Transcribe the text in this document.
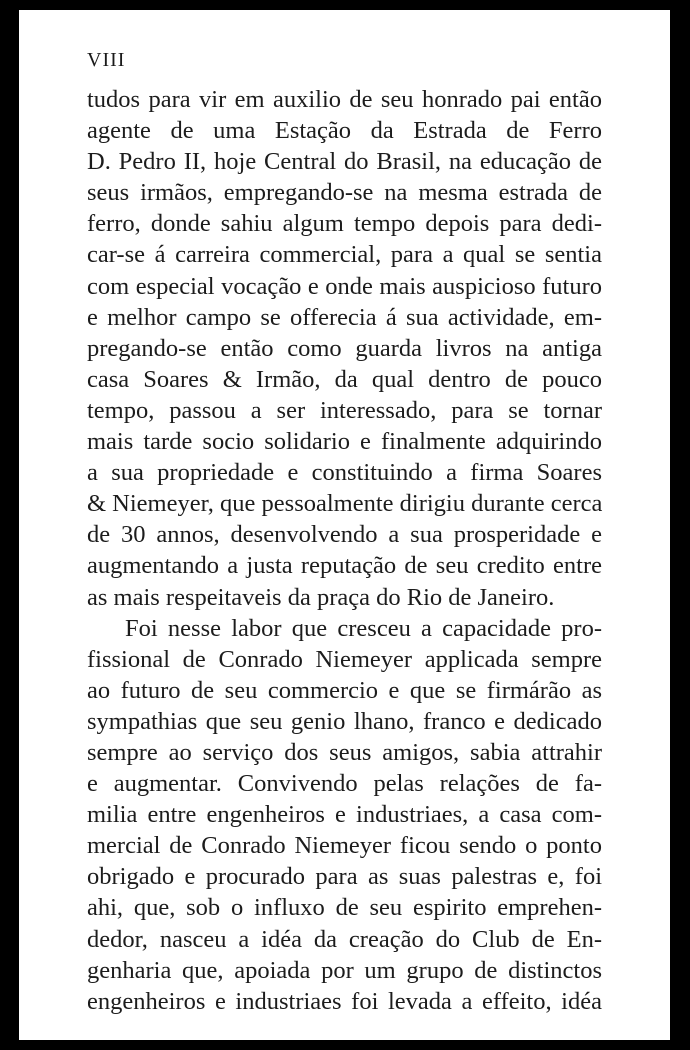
VIII
tudos para vir em auxilio de seu honrado pai então
agente de uma Estação da Estrada de Ferro
D. Pedro II, hoje Central do Brasil, na educação de
seus irmãos, empregando-se na mesma estrada de
ferro, donde sahiu algum tempo depois para dedi-
car-se á carreira commercial, para a qual se sentia
com especial vocação e onde mais auspicioso futuro
e melhor campo se offerecia á sua actividade, em-
pregando-se então como guarda livros na antiga
casa Soares & Irmão, da qual dentro de pouco
tempo, passou a ser interessado, para se tornar
mais tarde socio solidario e finalmente adquirindo
a sua propriedade e constituindo a firma Soares
& Niemeyer, que pessoalmente dirigiu durante cerca
de 30 annos, desenvolvendo a sua prosperidade e
augmentando a justa reputação de seu credito entre
as mais respeitaveis da praça do Rio de Janeiro.
Foi nesse labor que cresceu a capacidade pro-
fissional de Conrado Niemeyer applicada sempre
ao futuro de seu commercio e que se firmárão as
sympathias que seu genio lhano, franco e dedicado
sempre ao serviço dos seus amigos, sabia attrahir
e augmentar. Convivendo pelas relações de fa-
milia entre engenheiros e industriaes, a casa com-
mercial de Conrado Niemeyer ficou sendo o ponto
obrigado e procurado para as suas palestras e, foi
ahi, que, sob o influxo de seu espirito emprehen-
dedor, nasceu a idéa da creação do Club de En-
genharia que, apoiada por um grupo de distinctos
engenheiros e industriaes foi levada a effeito, idéa
